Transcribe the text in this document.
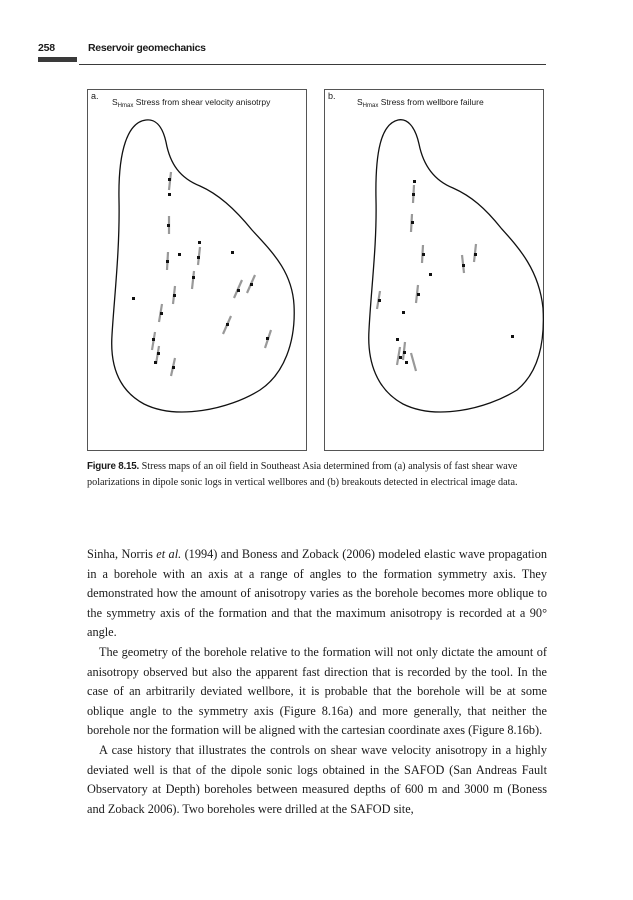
258	Reservoir geomechanics
a.
$S_{Hmax}$ Stress from shear velocity anisotrpy
b.
$S_{Hmax}$ Stress from wellbore failure
Figure 8.15. Stress maps of an oil field in Southeast Asia determined from (a) analysis of fast shear wave polarizations in dipole sonic logs in vertical wellbores and (b) breakouts detected in electrical image data.

Sinha, Norris et al. (1994) and Boness and Zoback (2006) modeled elastic wave propagation in a borehole with an axis at a range of angles to the formation symmetry axis. They demonstrated how the amount of anisotropy varies as the borehole becomes more oblique to the symmetry axis of the formation and that the maximum anisotropy is recorded at a 90° angle.

The geometry of the borehole relative to the formation will not only dictate the amount of anisotropy observed but also the apparent fast direction that is recorded by the tool. In the case of an arbitrarily deviated wellbore, it is probable that the borehole will be at some oblique angle to the symmetry axis (Figure 8.16a) and more generally, that neither the borehole nor the formation will be aligned with the cartesian coordinate axes (Figure 8.16b).

A case history that illustrates the controls on shear wave velocity anisotropy in a highly deviated well is that of the dipole sonic logs obtained in the SAFOD (San Andreas Fault Observatory at Depth) boreholes between measured depths of 600 m and 3000 m (Boness and Zoback 2006). Two boreholes were drilled at the SAFOD site,
